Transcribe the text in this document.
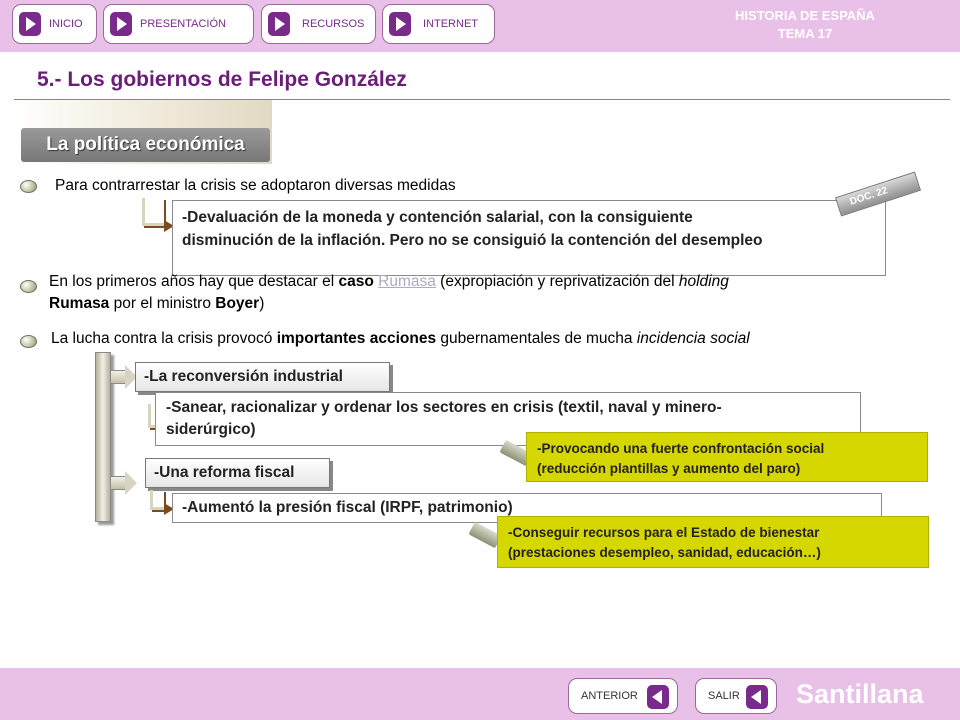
INICIO	PRESENTACIÓN	RECURSOS	INTERNET
HISTORIA DE ESPAÑA
TEMA 17
5.- Los gobiernos de Felipe González
La política económica
Para contrarrestar la crisis se adoptaron diversas medidas
-Devaluación de la moneda y contención salarial, con la consiguiente
disminución de la inflación. Pero no se consiguió la contención del desempleo
DOC. 22
En los primeros años hay que destacar el caso Rumasa (expropiación y reprivatización del holding
Rumasa por el ministro Boyer)
La lucha contra la crisis provocó importantes acciones gubernamentales de mucha incidencia social
-La reconversión industrial
-Sanear, racionalizar y ordenar los sectores en crisis (textil, naval y minero-
siderúrgico)
-Provocando una fuerte confrontación social
(reducción plantillas y aumento del paro)
-Una reforma fiscal
-Aumentó la presión fiscal (IRPF, patrimonio)
-Conseguir recursos para el Estado de bienestar
(prestaciones desempleo, sanidad, educación…)
ANTERIOR	SALIR Santillana
